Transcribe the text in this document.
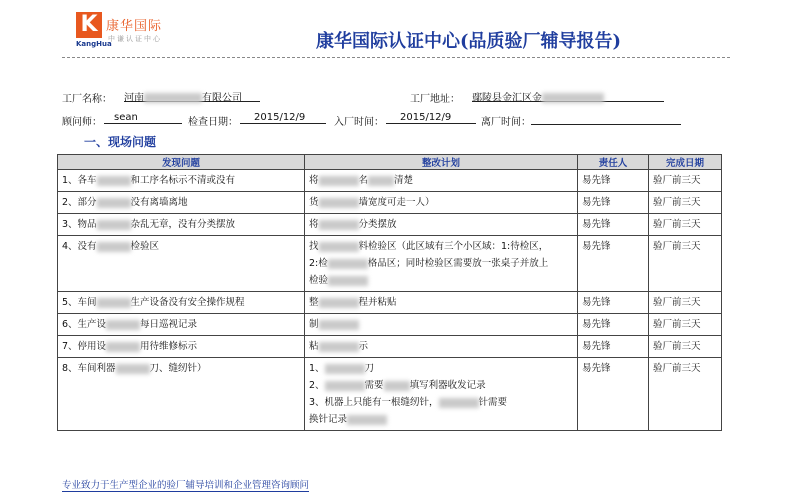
K 康华国际
中谦认证中心
KangHua	康华国际认证中心(品质验厂辅导报告)
工厂名称： 河南	有限公司	工厂地址： 鄢陵县金汇区金
顾问师：	sean	检查日期：	2015/12/9	入厂时间：	2015/12/9	离厂时间：
一、现场问题
发现问题	整改计划	责任人	完成日期
1、各车 和工序名标示不清或没有	将 名 清楚	易先锋	验厂前三天
2、部分 没有离墙离地	货 墙宽度可走一人）	易先锋	验厂前三天
3、物品 杂乱无章，没有分类摆放	将 分类摆放	易先锋	验厂前三天
4、没有 检验区	找 料检验区（此区域有三个小区域：1:待检区，
2:检 格品区；同时检验区需要放一张桌子并放上
检验	易先锋	验厂前三天
5、车间 生产设备没有安全操作规程	整 程并粘贴	易先锋	验厂前三天
6、生产设 每日巡视记录	制	易先锋	验厂前三天
7、停用设 用待维修标示	粘 示	易先锋	验厂前三天
8、车间利器 刀、缝纫针）	1、 刀
2、 需要 填写利器收发记录
3、机器上只能有一根缝纫针， 针需要
换针记录	易先锋	验厂前三天
专业致力于生产型企业的验厂辅导培训和企业管理咨询顾问
